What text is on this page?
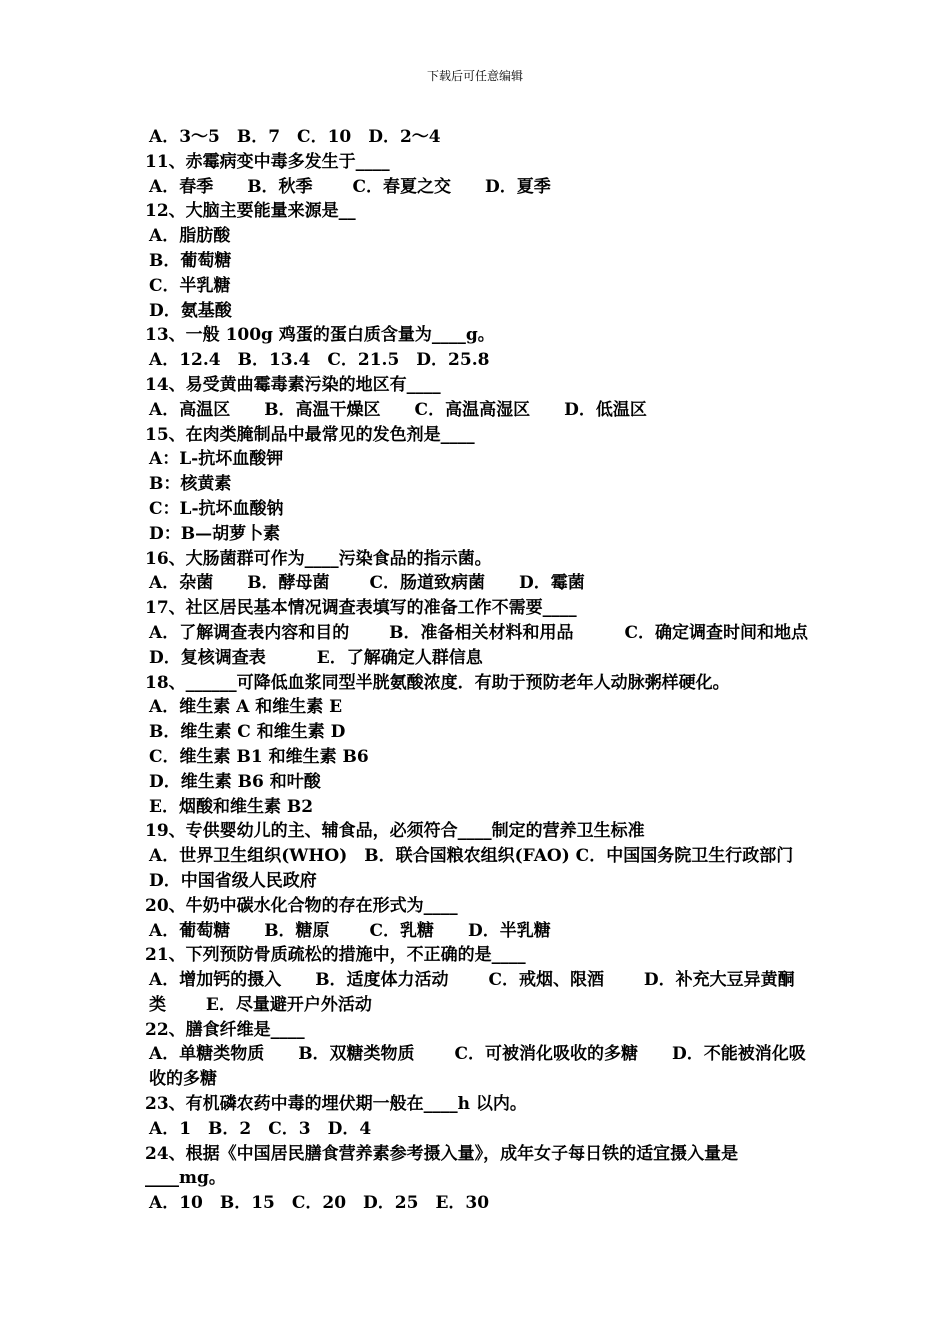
下载后可任意编辑
A．3～5　B．7　C．10　D．2～4
11、赤霉病变中毒多发生于____
A．春季　　B．秋季　　 C．春夏之交　　D．夏季
12、大脑主要能量来源是__
A．脂肪酸
B．葡萄糖
C．半乳糖
D．氨基酸
13、一般 100g 鸡蛋的蛋白质含量为____g。
A．12.4　B．13.4　C．21.5　D．25.8
14、易受黄曲霉毒素污染的地区有____
A．高温区　　B．高温干燥区　　C．高温高湿区　　D．低温区
15、在肉类腌制品中最常见的发色剂是____
A：L-抗坏血酸钾
B：核黄素
C：L-抗坏血酸钠
D：B—胡萝卜素
16、大肠菌群可作为____污染食品的指示菌。
A．杂菌　　B．酵母菌　　 C．肠道致病菌　　D．霉菌
17、社区居民基本情况调查表填写的准备工作不需要____
A．了解调查表内容和目的　　 B．准备相关材料和用品　　　C．确定调查时间和地点　　D．复核调查表　　　E．了解确定人群信息
18、______可降低血浆同型半胱氨酸浓度．有助于预防老年人动脉粥样硬化。
A．维生素 A 和维生素 E
B．维生素 C 和维生素 D
C．维生素 B1 和维生素 B6
D．维生素 B6 和叶酸
E．烟酸和维生素 B2
19、专供婴幼儿的主、辅食品，必须符合____制定的营养卫生标准
A．世界卫生组织(WHO)　B．联合国粮农组织(FAO) C．中国国务院卫生行政部门　 D．中国省级人民政府
20、牛奶中碳水化合物的存在形式为____
A．葡萄糖　　B．糖原　　 C．乳糖　　D．半乳糖
21、下列预防骨质疏松的措施中，不正确的是____
A．增加钙的摄入　　B．适度体力活动　　 C．戒烟、限酒　　 D．补充大豆异黄酮类　　 E．尽量避开户外活动
22、膳食纤维是____
A．单糖类物质　　B．双糖类物质　　 C．可被消化吸收的多糖　　D．不能被消化吸收的多糖
23、有机磷农药中毒的埋伏期一般在____h 以内。
A．1　B．2　C．3　D．4
24、根据《中国居民膳食营养素参考摄入量》，成年女子每日铁的适宜摄入量是____mg。
A．10　B．15　C．20　D．25　E．30
